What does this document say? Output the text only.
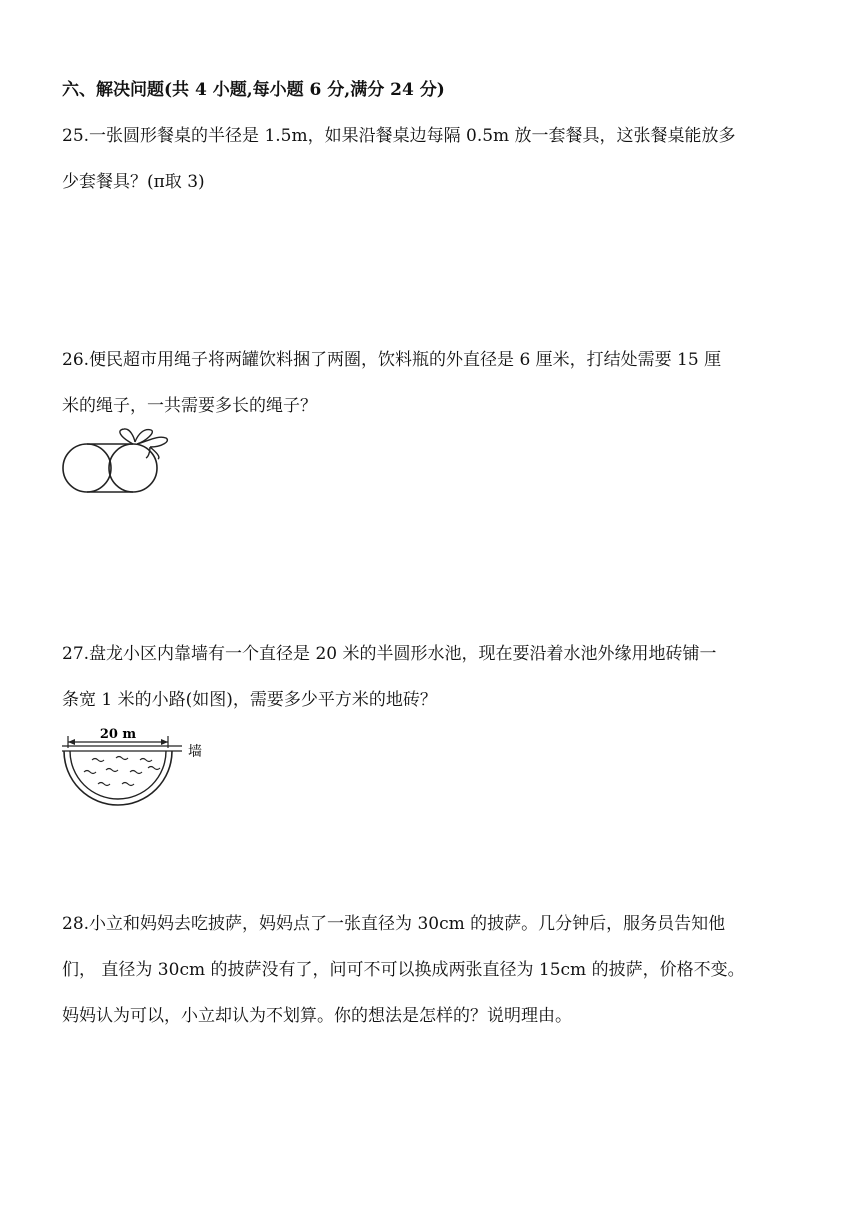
六、解决问题(共 4 小题,每小题 6 分,满分 24 分)
25.一张圆形餐桌的半径是 1.5m，如果沿餐桌边每隔 0.5m 放一套餐具，这张餐桌能放多
少套餐具？(π取 3)
26.便民超市用绳子将两罐饮料捆了两圈，饮料瓶的外直径是 6 厘米，打结处需要 15 厘
米的绳子，一共需要多长的绳子？
27.盘龙小区内靠墙有一个直径是 20 米的半圆形水池，现在要沿着水池外缘用地砖铺一
条宽 1 米的小路(如图)，需要多少平方米的地砖？
20 m
墙
28.小立和妈妈去吃披萨，妈妈点了一张直径为 30cm 的披萨。几分钟后，服务员告知他
们， 直径为 30cm 的披萨没有了，问可不可以换成两张直径为 15cm 的披萨，价格不变。
妈妈认为可以，小立却认为不划算。你的想法是怎样的？说明理由。
